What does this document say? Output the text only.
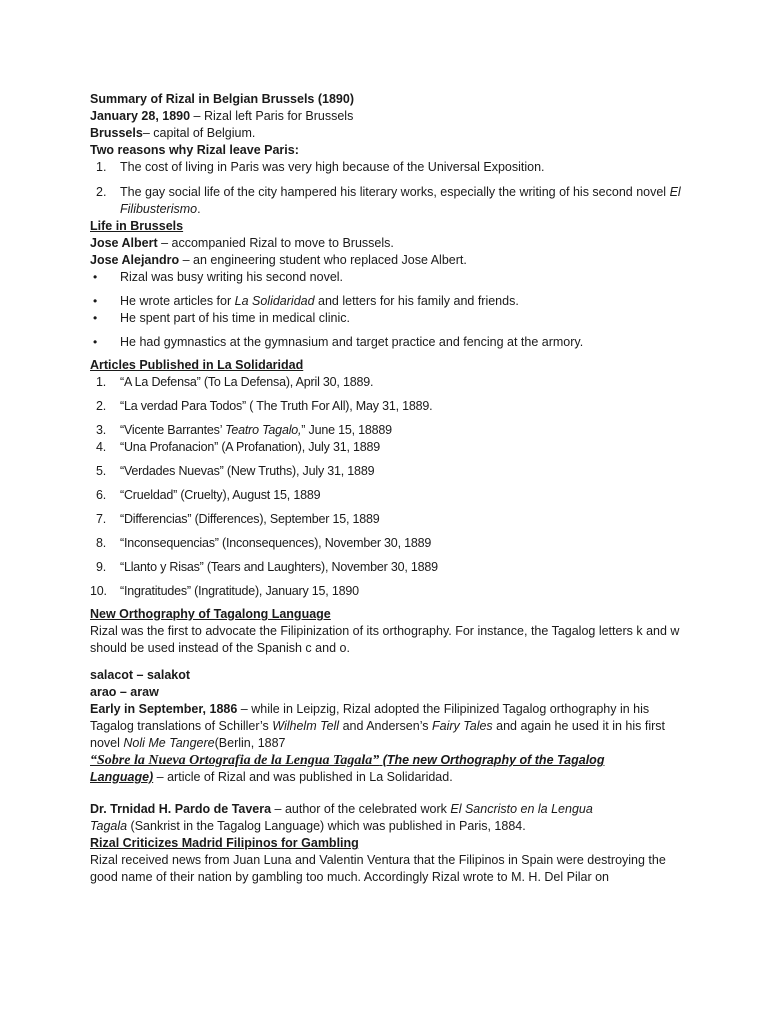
Summary of Rizal in Belgian Brussels (1890)

January 28, 1890 – Rizal left Paris for Brussels

Brussels– capital of Belgium.

Two reasons why Rizal leave Paris:

1.	The cost of living in Paris was very high because of the Universal Exposition.
2.	The gay social life of the city hampered his literary works, especially the writing of his second novel El Filibusterismo.

Life in Brussels

Jose Albert – accompanied Rizal to move to Brussels.

Jose Alejandro – an engineering student who replaced Jose Albert.

• Rizal was busy writing his second novel.
• He wrote articles for La Solidaridad and letters for his family and friends.
• He spent part of his time in medical clinic.
• He had gymnastics at the gymnasium and target practice and fencing at the armory.

Articles Published in La Solidaridad

1.	“A La Defensa” (To La Defensa), April 30, 1889.
2.	“La verdad Para Todos” ( The Truth For All), May 31, 1889.
3.	“Vicente Barrantes’ Teatro Tagalo,” June 15, 18889
4.	“Una Profanacion” (A Profanation), July 31, 1889
5.	“Verdades Nuevas” (New Truths), July 31, 1889
6.	“Crueldad” (Cruelty), August 15, 1889
7.	“Differencias” (Differences), September 15, 1889
8.	“Inconsequencias” (Inconsequences), November 30, 1889
9.	“Llanto y Risas” (Tears and Laughters), November 30, 1889
10. “Ingratitudes” (Ingratitude), January 15, 1890

New Orthography of Tagalong Language

Rizal was the first to advocate the Filipinization of its orthography. For instance, the Tagalog letters k and w should be used instead of the Spanish c and o.

salacot – salakot

arao – araw

Early in September, 1886 – while in Leipzig, Rizal adopted the Filipinized Tagalog orthography in his Tagalog translations of Schiller’s Wilhelm Tell and Andersen’s Fairy Tales and again he used it in his first novel Noli Me Tangere(Berlin, 1887

“Sobre la Nueva Ortografia de la Lengua Tagala” (The new Orthography of the Tagalog

Language) – article of Rizal and was published in La Solidaridad.

Dr. Trnidad H. Pardo de Tavera – author of the celebrated work El Sancristo en la Lengua
Tagala (Sankrist in the Tagalog Language) which was published in Paris, 1884.

Rizal Criticizes Madrid Filipinos for Gambling

Rizal received news from Juan Luna and Valentin Ventura that the Filipinos in Spain were destroying the good name of their nation by gambling too much. Accordingly Rizal wrote to M. H. Del Pilar on
